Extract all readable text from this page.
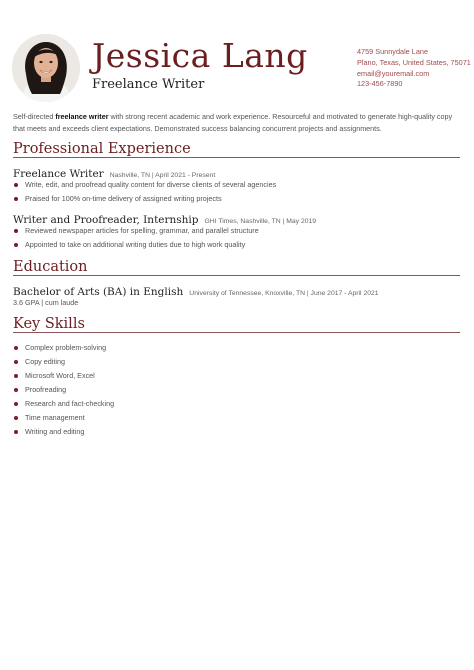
Jessica Lang
Freelance Writer
4759 Sunnydale Lane
Plano, Texas, United States, 75071
email@youremail.com
123-456-7890
Self-directed freelance writer with strong recent academic and work experience. Resourceful and motivated to generate high-quality copy that meets and exceeds client expectations. Demonstrated success balancing concurrent projects and assignments.
Professional Experience
Freelance Writer Nashville, TN | April 2021 - Present
Write, edit, and proofread quality content for diverse clients of several agencies
Praised for 100% on-time delivery of assigned writing projects
Writer and Proofreader, Internship GHI Times, Nashville, TN | May 2019
Reviewed newspaper articles for spelling, grammar, and parallel structure
Appointed to take on additional writing duties due to high work quality
Education
Bachelor of Arts (BA) in English University of Tennessee, Knoxville, TN | June 2017 - April 2021
3.6 GPA | cum laude
Key Skills
Complex problem-solving
Copy editing
Microsoft Word, Excel
Proofreading
Research and fact-checking
Time management
Writing and editing
